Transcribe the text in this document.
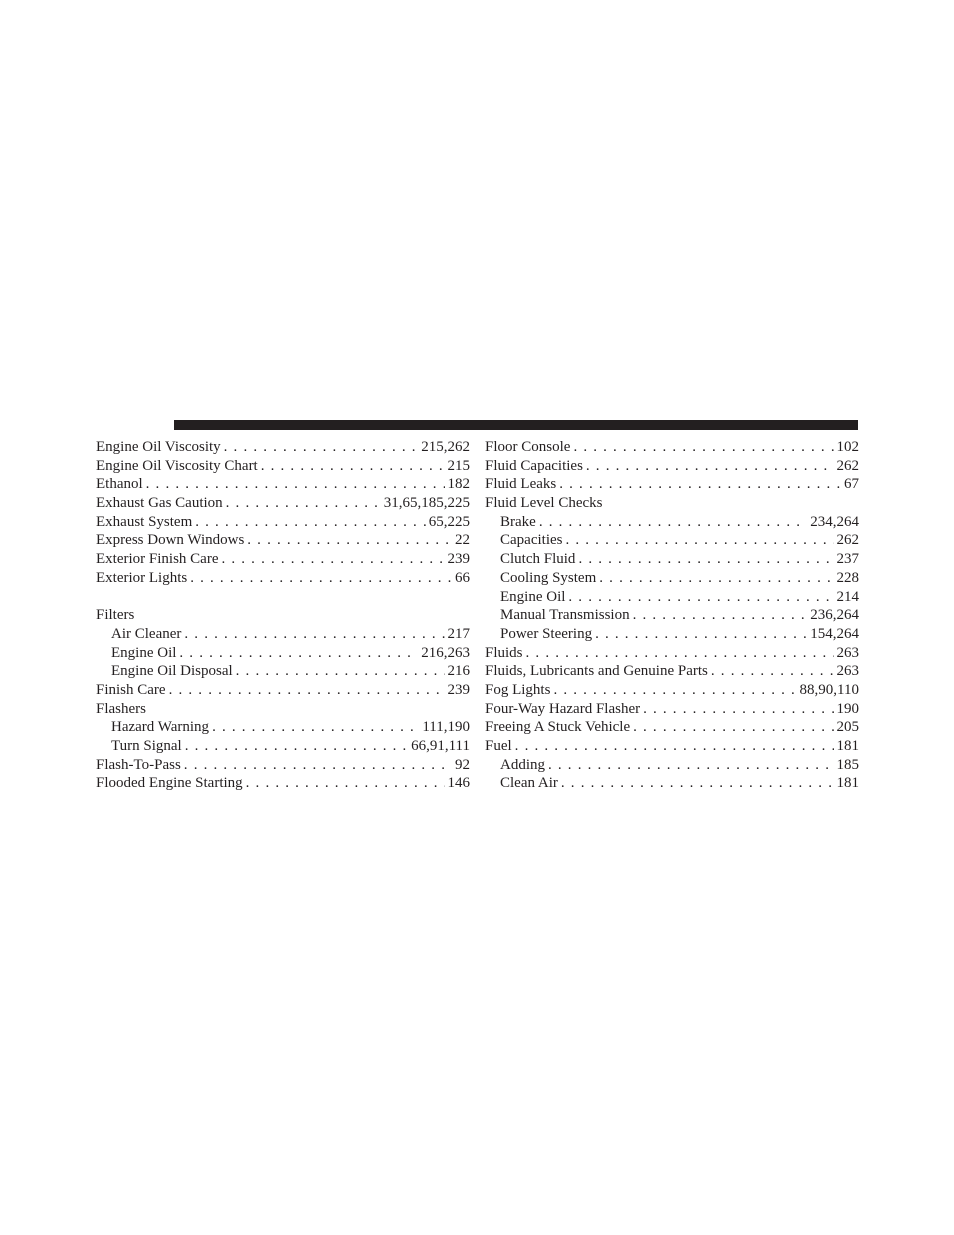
Engine Oil Viscosity . . .	215,262
Engine Oil Viscosity Chart . . .	215
Ethanol . . .	182
Exhaust Gas Caution . . .	31,65,185,225
Exhaust System . . .	65,225
Express Down Windows . . .	22
Exterior Finish Care . . .	239
Exterior Lights . . .	66
Filters
Air Cleaner . . .	217
Engine Oil . . .	216,263
Engine Oil Disposal . . .	216
Finish Care . . .	239
Flashers
Hazard Warning . . .	111,190
Turn Signal . . .	66,91,111
Flash-To-Pass . . .	92
Flooded Engine Starting . . .	146
Floor Console . . .	102
Fluid Capacities . . .	262
Fluid Leaks . . .	67
Fluid Level Checks
Brake . . .	234,264
Capacities . . .	262
Clutch Fluid . . .	237
Cooling System . . .	228
Engine Oil . . .	214
Manual Transmission . . .	236,264
Power Steering . . .	154,264
Fluids . . .	263
Fluids, Lubricants and Genuine Parts . . .	263
Fog Lights . . .	88,90,110
Four-Way Hazard Flasher . . .	190
Freeing A Stuck Vehicle . . .	205
Fuel . . .	181
Adding . . .	185
Clean Air . . .	181
